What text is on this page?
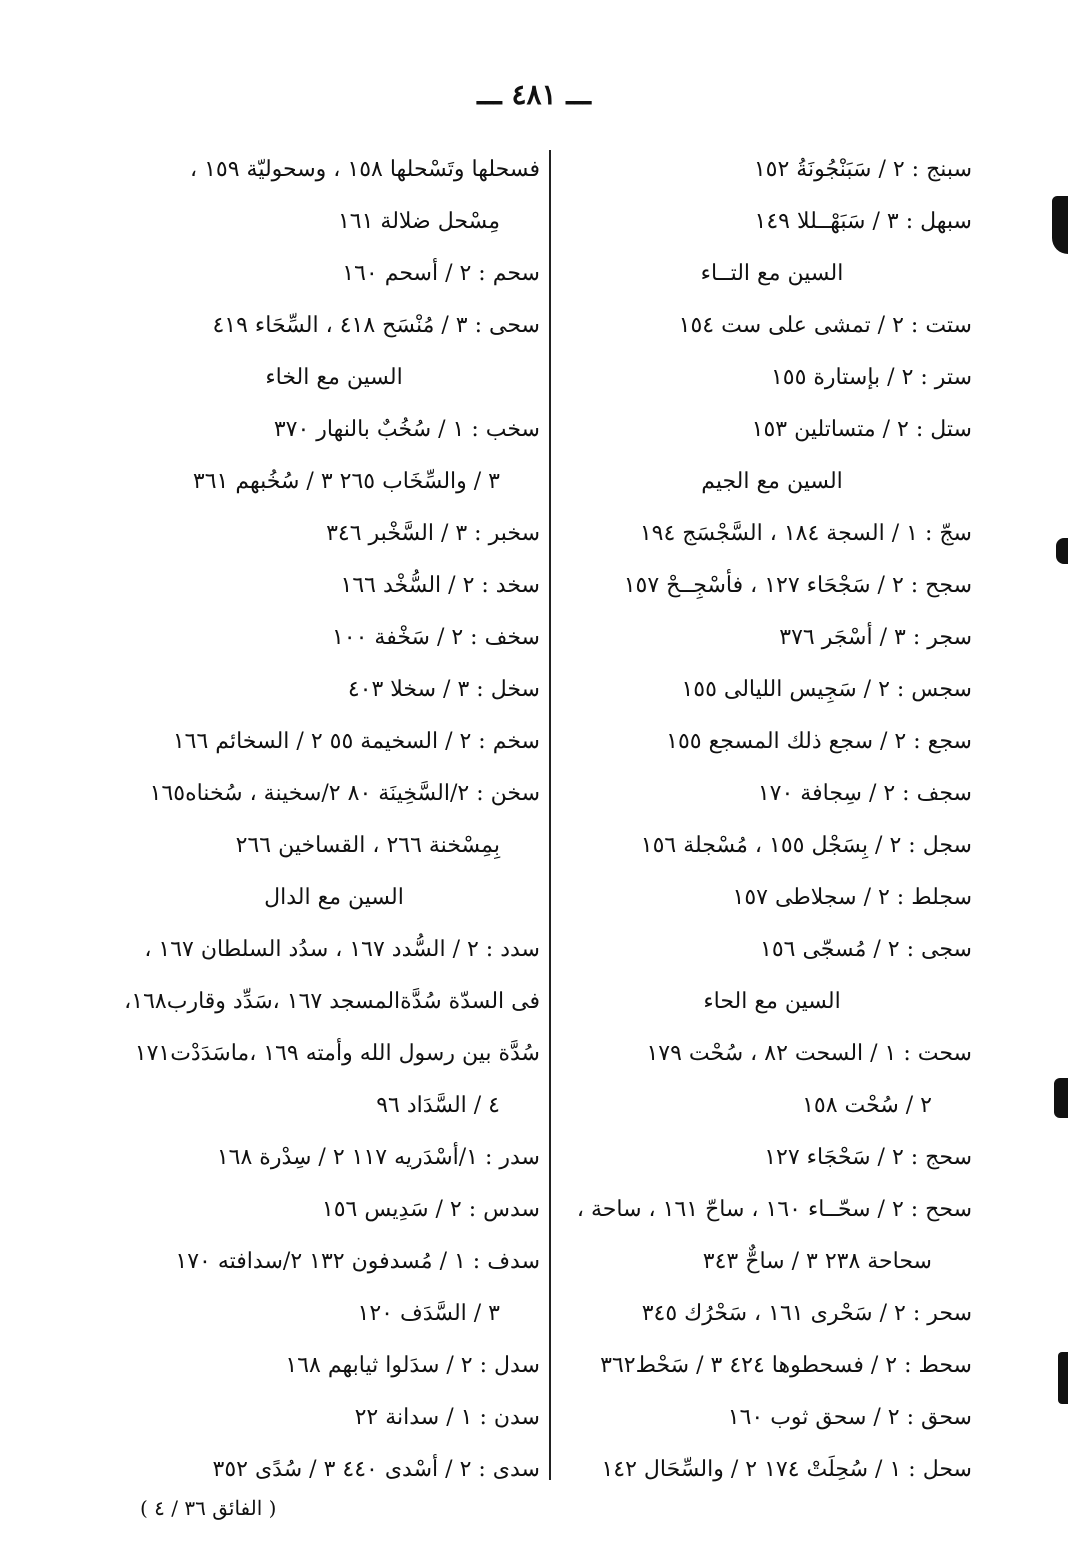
ـــ ٤٨١ ـــ
سبنج : ٢ / سَبَنْجُونَةُ ١٥٢
سبهل : ٣ / سَبَهْــللا ١٤٩
السين مع التــاء
ستت : ٢ / تمشى على ست ١٥٤
ستر : ٢ / بإستارة ١٥٥
ستل : ٢ / متساتلين ١٥٣
السين مع الجيم
سجّ : ١ / السجة ١٨٤ ، السَّجْسَج ١٩٤
سجح : ٢ / سَجْحَاء ١٢٧ ، فأسْجِــحْ ١٥٧
سجر : ٣ / أسْجَر ٣٧٦
سجس : ٢ / سَجِيس الليالى ١٥٥
سجع : ٢ / سجع ذلك المسجع ١٥٥
سجف : ٢ / سِجافة ١٧٠
سجل : ٢ / بِسَجْل ١٥٥ ، مُسْجلة ١٥٦
سجلط : ٢ / سجلاطى ١٥٧
سجى : ٢ / مُسجّى ١٥٦
السين مع الحاء
سحت : ١ / السحت ٨٢ ، سُحْت ١٧٩
٢ / سُحْت ١٥٨
سحج : ٢ / سَحْجَاء ١٢٧
سحح : ٢ / سحّــاء ١٦٠ ، ساحّ ١٦١ ، ساحة ،
سحاحة ٢٣٨ ٣ / ساحٌّ ٣٤٣
سحر : ٢ / سَحْرى ١٦١ ، سَحْرُك ٣٤٥
سحط : ٢ / فسحطوها ٤٢٤ ٣ / سَحْط٣٦٢
سحق : ٢ / سحق ثوب ١٦٠
سحل : ١ / سُحِلَتْ ١٧٤ ٢ / والسِّحَال ١٤٢
فسحلها وتَسْحلها ١٥٨ ، وسحوليّة ١٥٩ ،
مِسْحل ضلالة ١٦١
سحم : ٢ / أسحم ١٦٠
سحى : ٣ / مُنْسَح ٤١٨ ، السِّحَاء ٤١٩
السين مع الخاء
سخب : ١ / سُخُبٌ بالنهار ٣٧٠
٣ / والسِّخَاب ٢٦٥ ٣ / سُخُبهم ٣٦١
سخبر : ٣ / السَّخْبر ٣٤٦
سخد : ٢ / السُّخْد ١٦٦
سخف : ٢ / سَخْفة ١٠٠
سخل : ٣ / سخلا ٤٠٣
سخم : ٢ / السخيمة ٥٥ ٢ / السخائم ١٦٦
سخن : ٢/السَّخِينَة ٨٠ ٢/سخينة ، سُخناه١٦٥
بِمِسْخنة ٢٦٦ ، القساخين ٢٦٦
السين مع الدال
سدد : ٢ / السُّدد ١٦٧ ، سدُد السلطان ١٦٧ ،
فى السدّة سُدَّةالمسجد ١٦٧ ،سَدِّد وقارب١٦٨،
سُدَّة بين رسول الله وأمته ١٦٩ ،ماسَدَدْت١٧١
٤ / السَّدَاد ٩٦
سدر : ١/أسْدَريه ١١٧ ٢ / سِدْرة ١٦٨
سدس : ٢ / سَدِيس ١٥٦
سدف : ١ / مُسدفون ١٣٢ ٢/سدافته ١٧٠
٣ / السَّدَف ١٢٠
سدل : ٢ / سدَلوا ثيابهم ١٦٨
سدن : ١ / سدانة ٢٢
سدى : ٢ / أسْدى ٤٤٠ ٣ / سُدًى ٣٥٢
( الفائق ٣٦ / ٤ )
